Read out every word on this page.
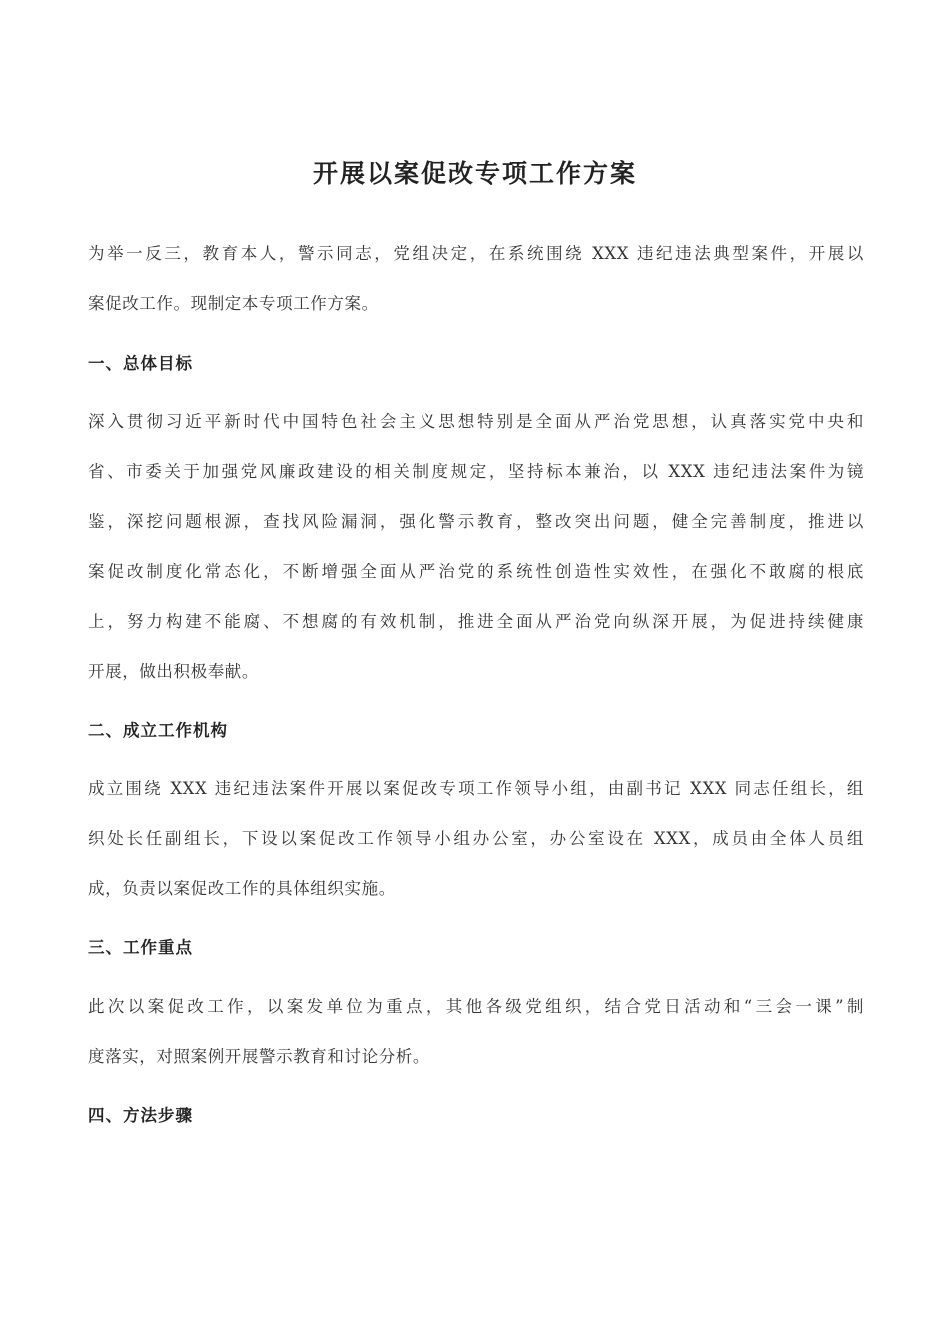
开展以案促改专项工作方案

为举一反三，教育本人，警示同志，党组决定，在系统围绕 XXX 违纪违法典型案件，开展以
案促改工作。现制定本专项工作方案。

一、总体目标

深入贯彻习近平新时代中国特色社会主义思想特别是全面从严治党思想，认真落实党中央和
省、市委关于加强党风廉政建设的相关制度规定，坚持标本兼治，以 XXX 违纪违法案件为镜
鉴，深挖问题根源，查找风险漏洞，强化警示教育，整改突出问题，健全完善制度，推进以
案促改制度化常态化，不断增强全面从严治党的系统性创造性实效性，在强化不敢腐的根底
上，努力构建不能腐、不想腐的有效机制，推进全面从严治党向纵深开展，为促进持续健康
开展，做出积极奉献。

二、成立工作机构

成立围绕 XXX 违纪违法案件开展以案促改专项工作领导小组，由副书记 XXX 同志任组长，组
织处长任副组长，下设以案促改工作领导小组办公室，办公室设在 XXX，成员由全体人员组
成，负责以案促改工作的具体组织实施。

三、工作重点

此次以案促改工作，以案发单位为重点，其他各级党组织，结合党日活动和“三会一课”制
度落实，对照案例开展警示教育和讨论分析。

四、方法步骤
